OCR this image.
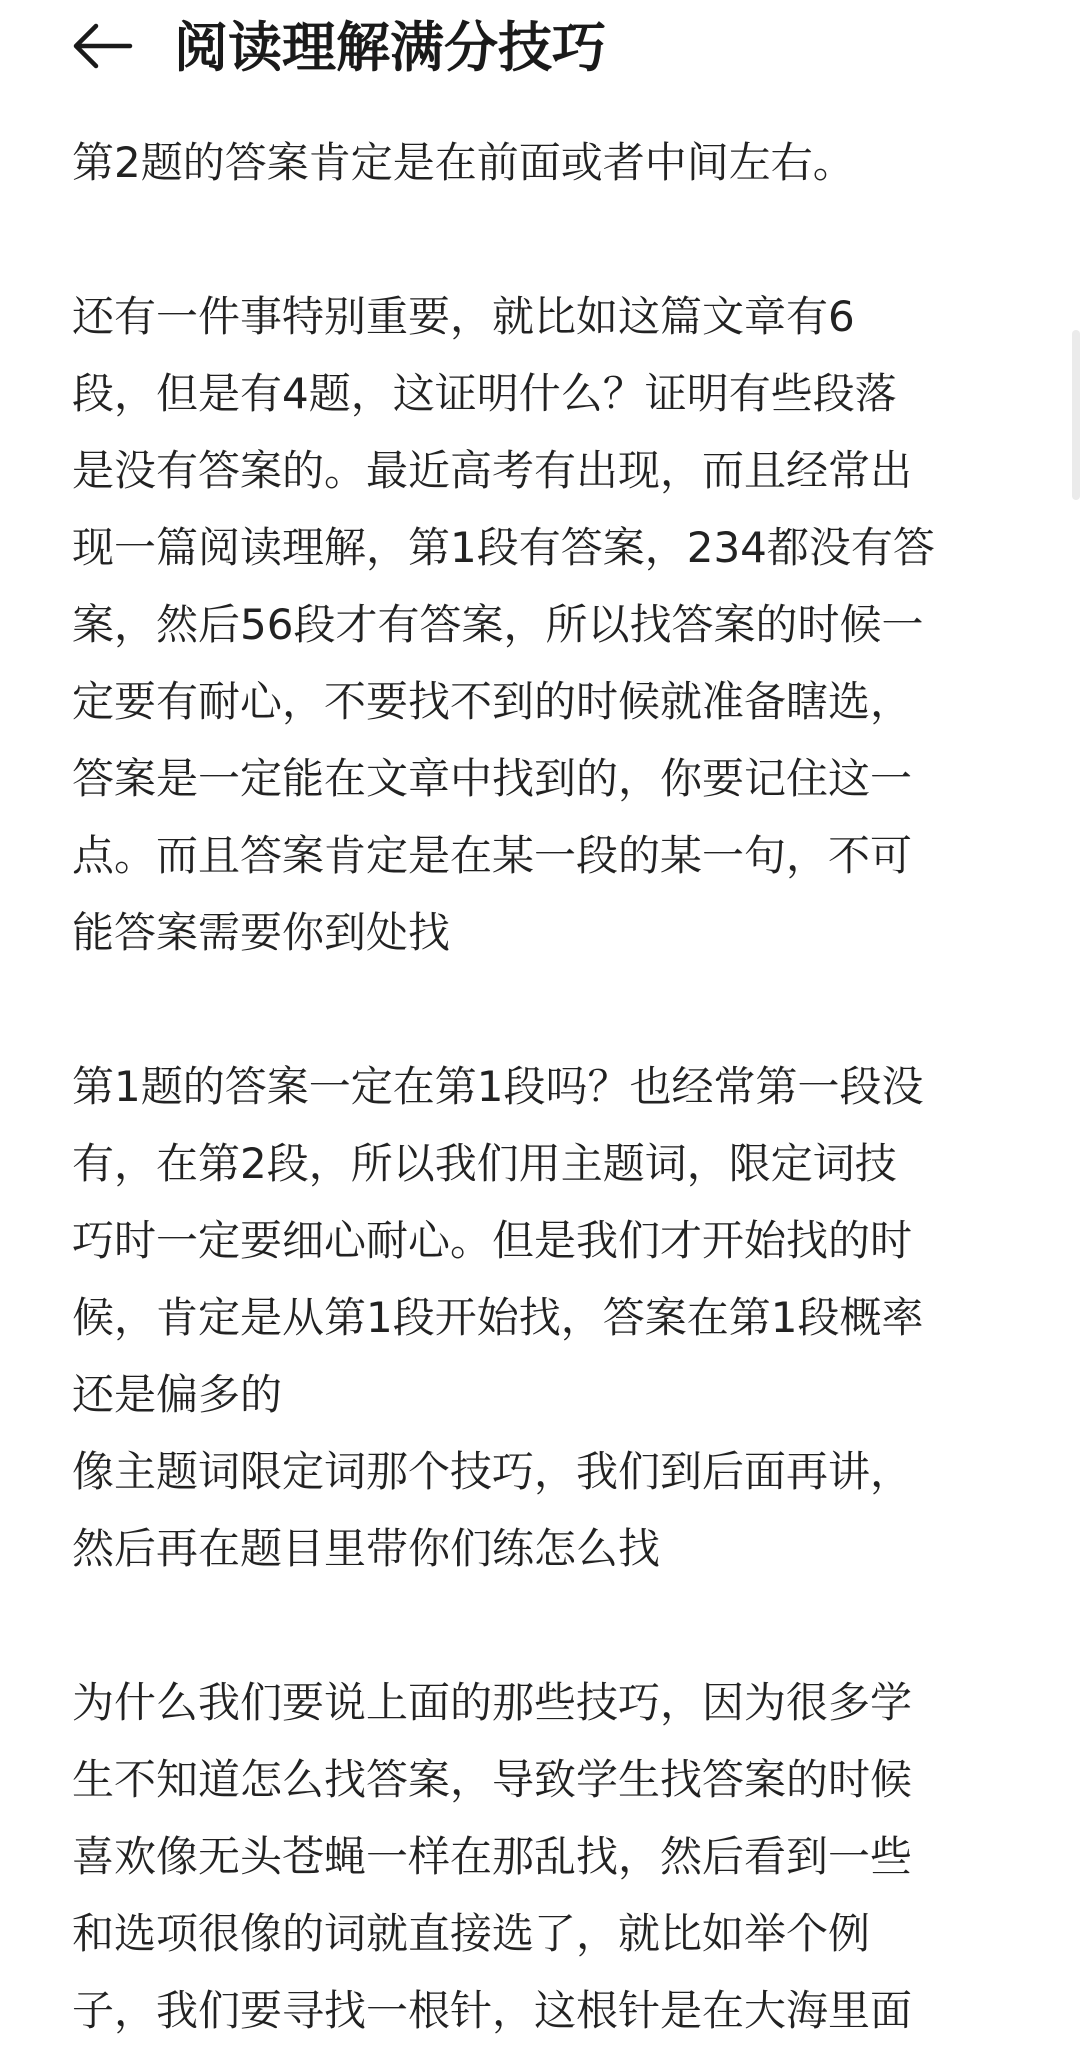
阅读理解满分技巧
第2题的答案肯定是在前面或者中间左右。
还有一件事特别重要，就比如这篇文章有6
段，但是有4题，这证明什么？证明有些段落
是没有答案的。最近高考有出现，而且经常出
现一篇阅读理解，第1段有答案，234都没有答
案，然后56段才有答案，所以找答案的时候一
定要有耐心，不要找不到的时候就准备瞎选，
答案是一定能在文章中找到的，你要记住这一
点。而且答案肯定是在某一段的某一句，不可
能答案需要你到处找
第1题的答案一定在第1段吗？也经常第一段没
有，在第2段，所以我们用主题词，限定词技
巧时一定要细心耐心。但是我们才开始找的时
候，肯定是从第1段开始找，答案在第1段概率
还是偏多的
像主题词限定词那个技巧，我们到后面再讲，
然后再在题目里带你们练怎么找
为什么我们要说上面的那些技巧，因为很多学
生不知道怎么找答案，导致学生找答案的时候
喜欢像无头苍蝇一样在那乱找，然后看到一些
和选项很像的词就直接选了，就比如举个例
子，我们要寻找一根针，这根针是在大海里面
